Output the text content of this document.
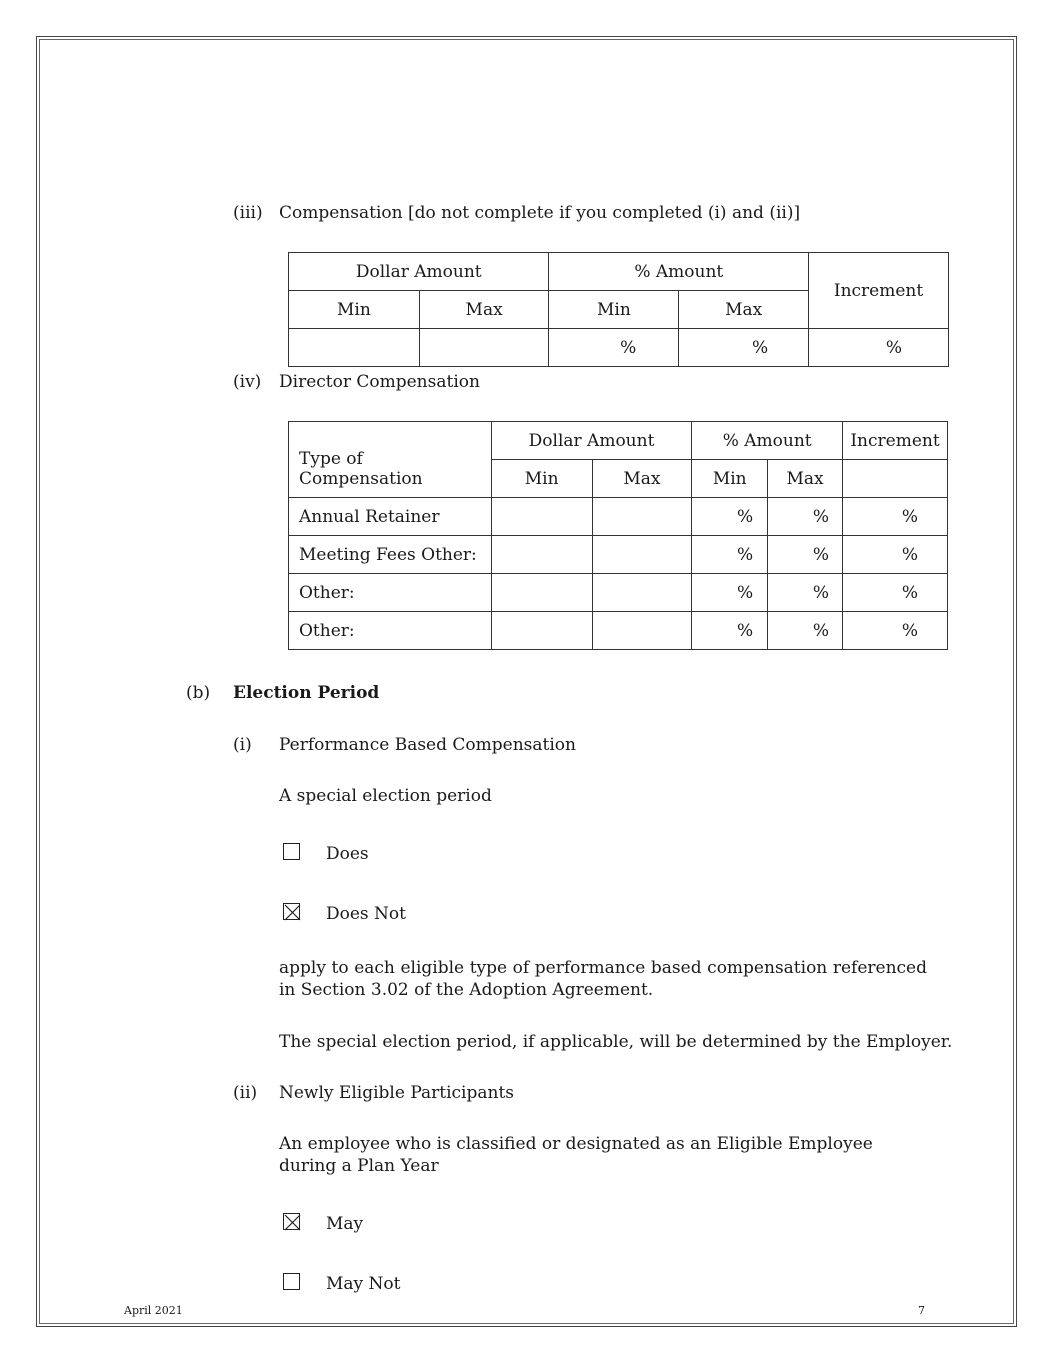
(iii) Compensation [do not complete if you completed (i) and (ii)]
Dollar Amount		% Amount		Increment
Min	Max	Min	Max	
		%	%	%
(iv) Director Compensation
Type of Compensation	Dollar Amount		% Amount		Increment
	Min	Max	Min	Max	
Annual Retainer			%	%	%
Meeting Fees Other:			%	%	%
Other:			%	%	%
Other:			%	%	%
(b) Election Period
(i) Performance Based Compensation
A special election period
Does
Does Not
apply to each eligible type of performance based compensation referenced in Section 3.02 of the Adoption Agreement.
The special election period, if applicable, will be determined by the Employer.
(ii) Newly Eligible Participants
An employee who is classified or designated as an Eligible Employee during a Plan Year
May
May Not
April 2021	7
